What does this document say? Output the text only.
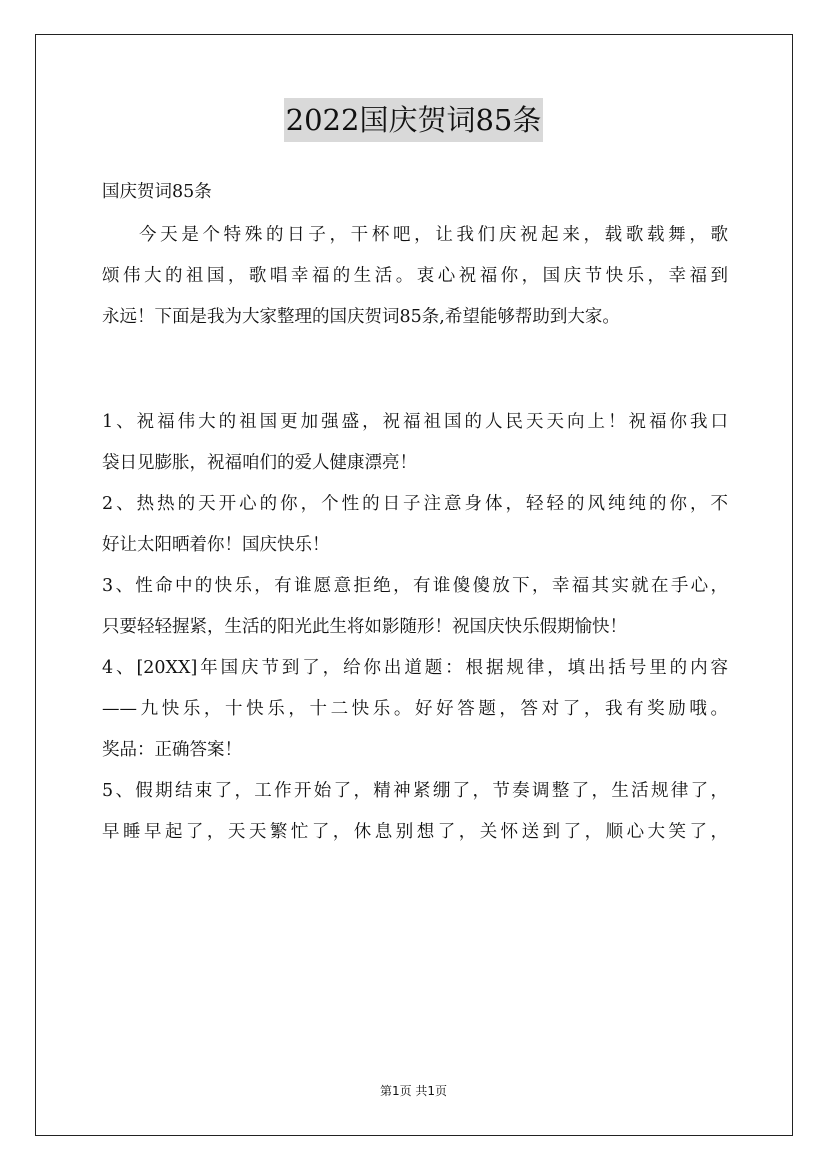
2022国庆贺词85条
国庆贺词85条
今天是个特殊的日子，干杯吧，让我们庆祝起来，载歌载舞，歌
颂伟大的祖国，歌唱幸福的生活。衷心祝福你，国庆节快乐，幸福到
永远！下面是我为大家整理的国庆贺词85条,希望能够帮助到大家。
1、祝福伟大的祖国更加强盛，祝福祖国的人民天天向上！祝福你我口
袋日见膨胀，祝福咱们的爱人健康漂亮！
2、热热的天开心的你，个性的日子注意身体，轻轻的风纯纯的你，不
好让太阳晒着你！国庆快乐！
3、性命中的快乐，有谁愿意拒绝，有谁傻傻放下，幸福其实就在手心，
只要轻轻握紧，生活的阳光此生将如影随形！祝国庆快乐假期愉快！
4、[20XX]年国庆节到了，给你出道题：根据规律，填出括号里的内容
——九快乐，十快乐，十二快乐。好好答题，答对了，我有奖励哦。
奖品：正确答案！
5、假期结束了，工作开始了，精神紧绷了，节奏调整了，生活规律了，
早睡早起了，天天繁忙了，休息别想了，关怀送到了，顺心大笑了，
第1页 共1页
